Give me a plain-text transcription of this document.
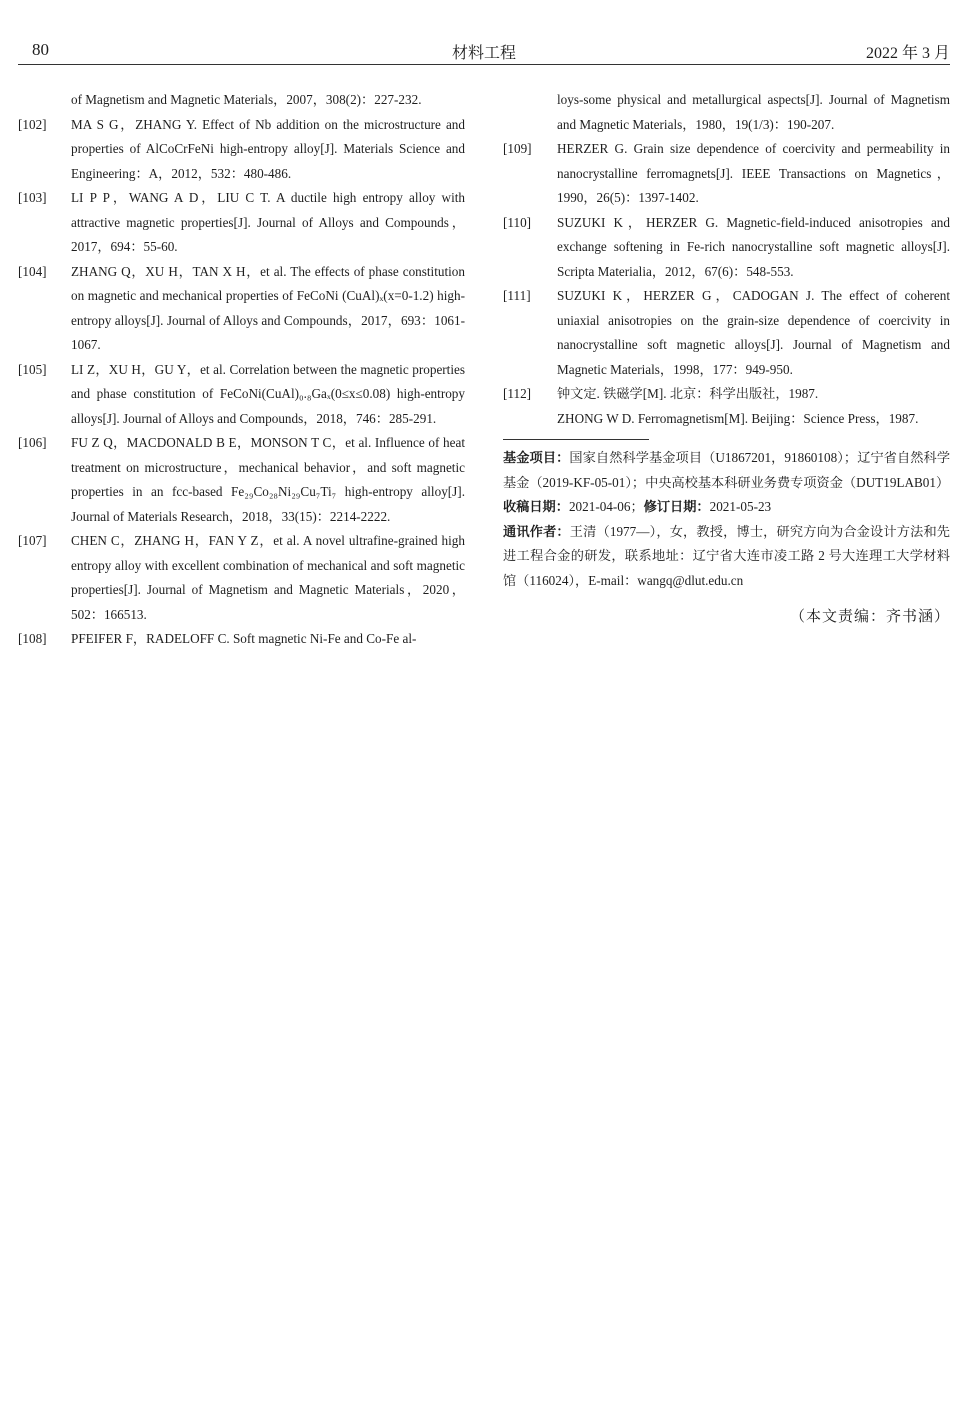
80	材料工程	2022 年 3 月
of Magnetism and Magnetic Materials，2007，308(2)：227-232.
[102] MA S G，ZHANG Y. Effect of Nb addition on the microstructure and properties of AlCoCrFeNi high-entropy alloy[J]. Materials Science and Engineering：A，2012，532：480-486.
[103] LI P P，WANG A D，LIU C T. A ductile high entropy alloy with attractive magnetic properties[J]. Journal of Alloys and Compounds，2017，694：55-60.
[104] ZHANG Q，XU H，TAN X H，et al. The effects of phase constitution on magnetic and mechanical properties of FeCoNi (CuAl)ₓ(x=0-1.2) high-entropy alloys[J]. Journal of Alloys and Compounds，2017，693：1061-1067.
[105] LI Z，XU H，GU Y，et al. Correlation between the magnetic properties and phase constitution of FeCoNi(CuAl)₀.₈Gaₓ(0≤x≤0.08) high-entropy alloys[J]. Journal of Alloys and Compounds，2018，746：285-291.
[106] FU Z Q，MACDONALD B E，MONSON T C，et al. Influence of heat treatment on microstructure，mechanical behavior，and soft magnetic properties in an fcc-based Fe₂₉Co₂₈Ni₂₉Cu₇Ti₇ high-entropy alloy[J]. Journal of Materials Research，2018，33(15)：2214-2222.
[107] CHEN C，ZHANG H，FAN Y Z，et al. A novel ultrafine-grained high entropy alloy with excellent combination of mechanical and soft magnetic properties[J]. Journal of Magnetism and Magnetic Materials，2020，502：166513.
[108] PFEIFER F，RADELOFF C. Soft magnetic Ni-Fe and Co-Fe al-
loys-some physical and metallurgical aspects[J]. Journal of Magnetism and Magnetic Materials，1980，19(1/3)：190-207.
[109] HERZER G. Grain size dependence of coercivity and permeability in nanocrystalline ferromagnets[J]. IEEE Transactions on Magnetics，1990，26(5)：1397-1402.
[110] SUZUKI K，HERZER G. Magnetic-field-induced anisotropies and exchange softening in Fe-rich nanocrystalline soft magnetic alloys[J]. Scripta Materialia，2012，67(6)：548-553.
[111] SUZUKI K，HERZER G，CADOGAN J. The effect of coherent uniaxial anisotropies on the grain-size dependence of coercivity in nanocrystalline soft magnetic alloys[J]. Journal of Magnetism and Magnetic Materials，1998，177：949-950.
[112] 钟文定. 铁磁学[M]. 北京：科学出版社，1987.
ZHONG W D. Ferromagnetism[M]. Beijing：Science Press，1987.
基金项目：国家自然科学基金项目（U1867201，91860108）；辽宁省自然科学基金（2019-KF-05-01）；中央高校基本科研业务费专项资金（DUT19LAB01）
收稿日期：2021-04-06；修订日期：2021-05-23
通讯作者：王清（1977—），女，教授，博士，研究方向为合金设计方法和先进工程合金的研发，联系地址：辽宁省大连市凌工路 2 号大连理工大学材料馆（116024），E-mail：wangq@dlut.edu.cn
（本文责编：齐书涵）
